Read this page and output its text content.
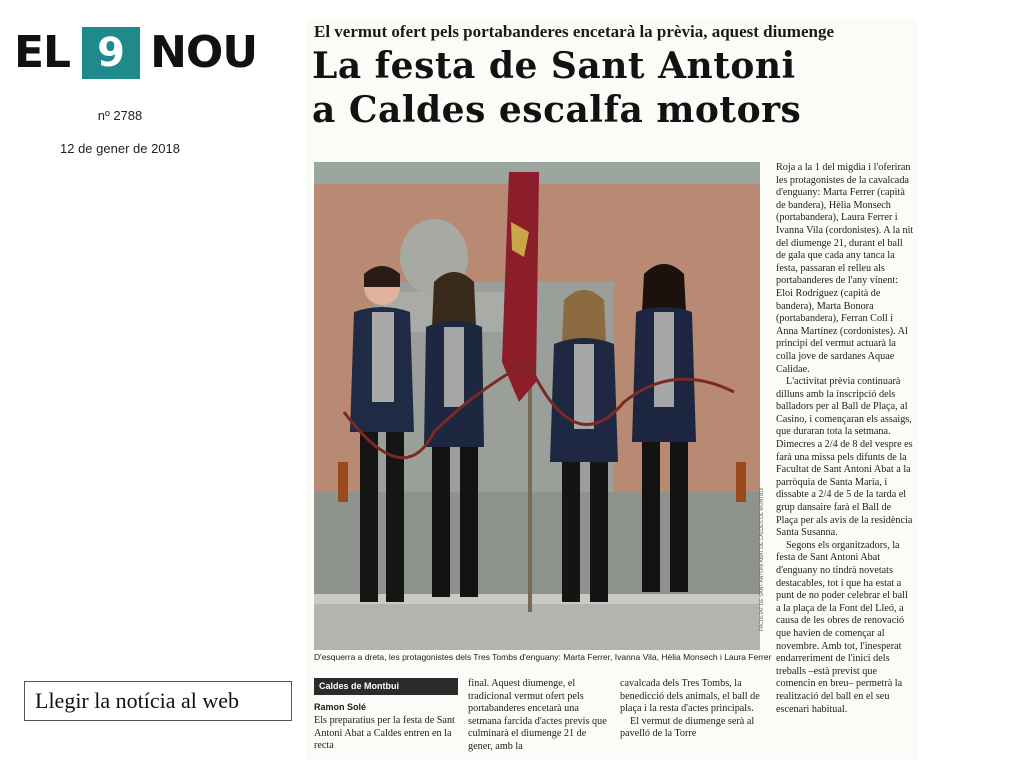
EL 9 NOU
nº 2788
12 de gener de 2018
Llegir la notícia al web
El vermut ofert pels portabanderes encetarà la prèvia, aquest diumenge
La festa de Sant Antoni
a Caldes escalfa motors
FACULTAT DE SANT ANTONI ABAT DE CALDES DE MONTBUI
D'esquerra a dreta, les protagonistes dels Tres Tombs d'enguany: Marta Ferrer, Ivanna Vila, Hèlia Monsech i Laura Ferrer
Caldes de Montbui
Ramon Solé

Els preparatius per la festa de Sant Antoni Abat a Caldes entren en la recta

final. Aquest diumenge, el tradicional vermut ofert pels portabanderes encetarà una setmana farcida d'actes previs que culminarà el diumenge 21 de gener, amb la

cavalcada dels Tres Tombs, la benedicció dels animals, el ball de plaça i la resta d'actes principals.

El vermut de diumenge serà al pavelló de la Torre

Roja a la 1 del migdia i l'oferiran les protagonistes de la cavalcada d'enguany: Marta Ferrer (capità de bandera), Hèlia Monsech (portabandera), Laura Ferrer i Ivanna Vila (cordonistes). A la nit del diumenge 21, durant el ball de gala que cada any tanca la festa, passaran el relleu als portabanderes de l'any vinent: Eloi Rodríguez (capità de bandera), Marta Bonora (portabandera), Ferran Coll i Anna Martínez (cordonistes). Al principi del vermut actuarà la colla jove de sardanes Aquae Calidae.

L'activitat prèvia continuarà dilluns amb la inscripció dels balladors per al Ball de Plaça, al Casino, i començaran els assaigs, que duraran tota la setmana. Dimecres a 2/4 de 8 del vespre es farà una missa pels difunts de la Facultat de Sant Antoni Abat a la parròquia de Santa Maria, i dissabte a 2/4 de 5 de la tarda el grup dansaire farà el Ball de Plaça per als avis de la residència Santa Susanna.

Segons els organitzadors, la festa de Sant Antoni Abat d'enguany no tindrà novetats destacables, tot i que ha estat a punt de no poder celebrar el ball a la plaça de la Font del Lleó, a causa de les obres de renovació que havien de començar al novembre. Amb tot, l'inesperat endarreriment de l'inici dels treballs –està previst que comencin en breu– permetrà la realització del ball en el seu escenari habitual.
